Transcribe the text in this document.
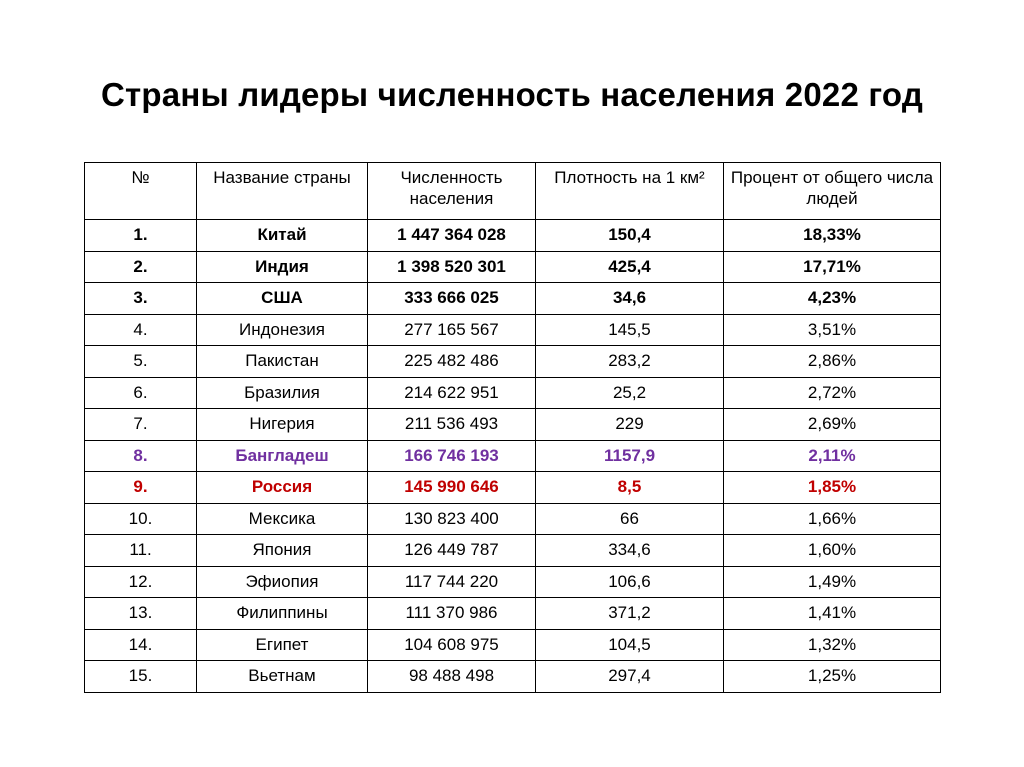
Страны лидеры численность населения 2022 год
№	Название страны	Численность населения	Плотность на 1 км²	Процент от общего числа людей
1.	Китай	1 447 364 028	150,4	18,33%
2.	Индия	1 398 520 301	425,4	17,71%
3.	США	333 666 025	34,6	4,23%
4.	Индонезия	277 165 567	145,5	3,51%
5.	Пакистан	225 482 486	283,2	2,86%
6.	Бразилия	214 622 951	25,2	2,72%
7.	Нигерия	211 536 493	229	2,69%
8.	Бангладеш	166 746 193	1157,9	2,11%
9.	Россия	145 990 646	8,5	1,85%
10.	Мексика	130 823 400	66	1,66%
11.	Япония	126 449 787	334,6	1,60%
12.	Эфиопия	117 744 220	106,6	1,49%
13.	Филиппины	111 370 986	371,2	1,41%
14.	Египет	104 608 975	104,5	1,32%
15.	Вьетнам	98 488 498	297,4	1,25%
